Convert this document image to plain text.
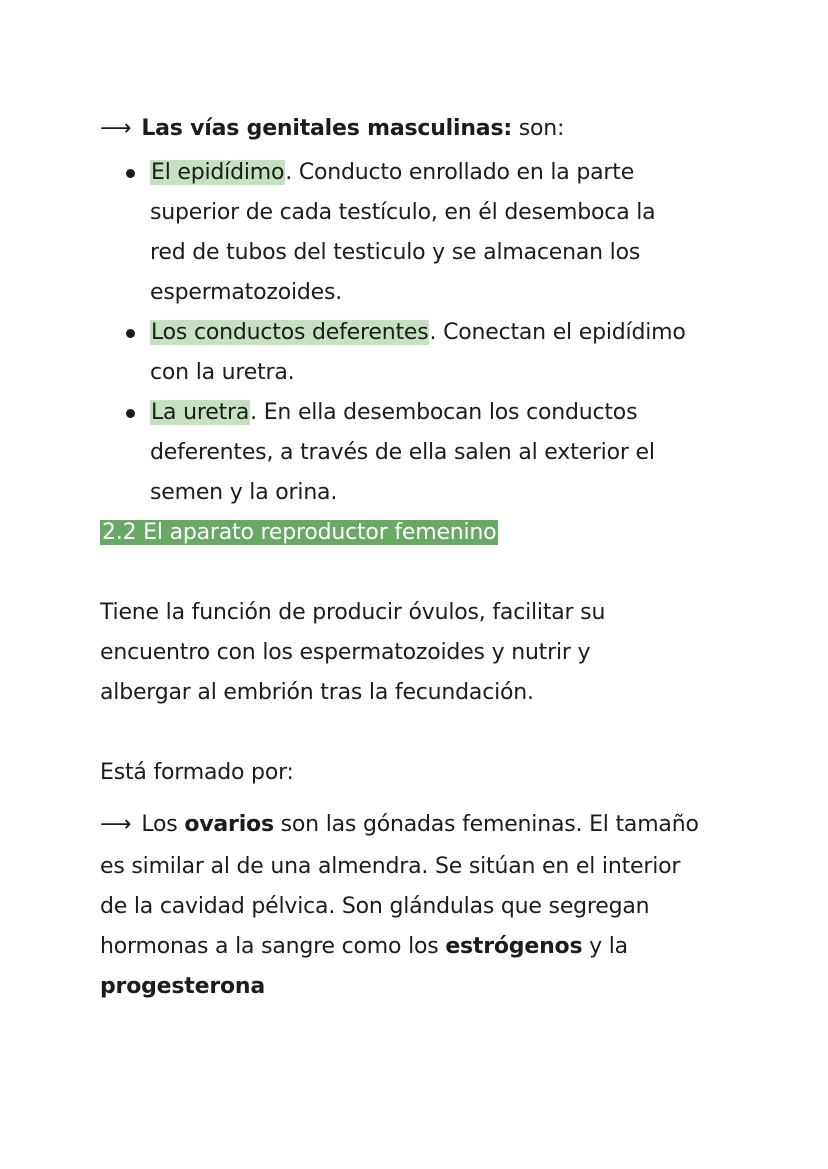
⟶ Las vías genitales masculinas: son:
El epidídimo. Conducto enrollado en la parte
superior de cada testículo, en él desemboca la
red de tubos del testiculo y se almacenan los
espermatozoides.
Los conductos deferentes. Conectan el epidídimo
con la uretra.
La uretra. En ella desembocan los conductos
deferentes, a través de ella salen al exterior el
semen y la orina.
2.2 El aparato reproductor femenino
Tiene la función de producir óvulos, facilitar su
encuentro con los espermatozoides y nutrir y
albergar al embrión tras la fecundación.
Está formado por:
⟶ Los ovarios son las gónadas femeninas. El tamaño
es similar al de una almendra. Se sitúan en el interior
de la cavidad pélvica. Son glándulas que segregan
hormonas a la sangre como los estrógenos y la
progesterona
